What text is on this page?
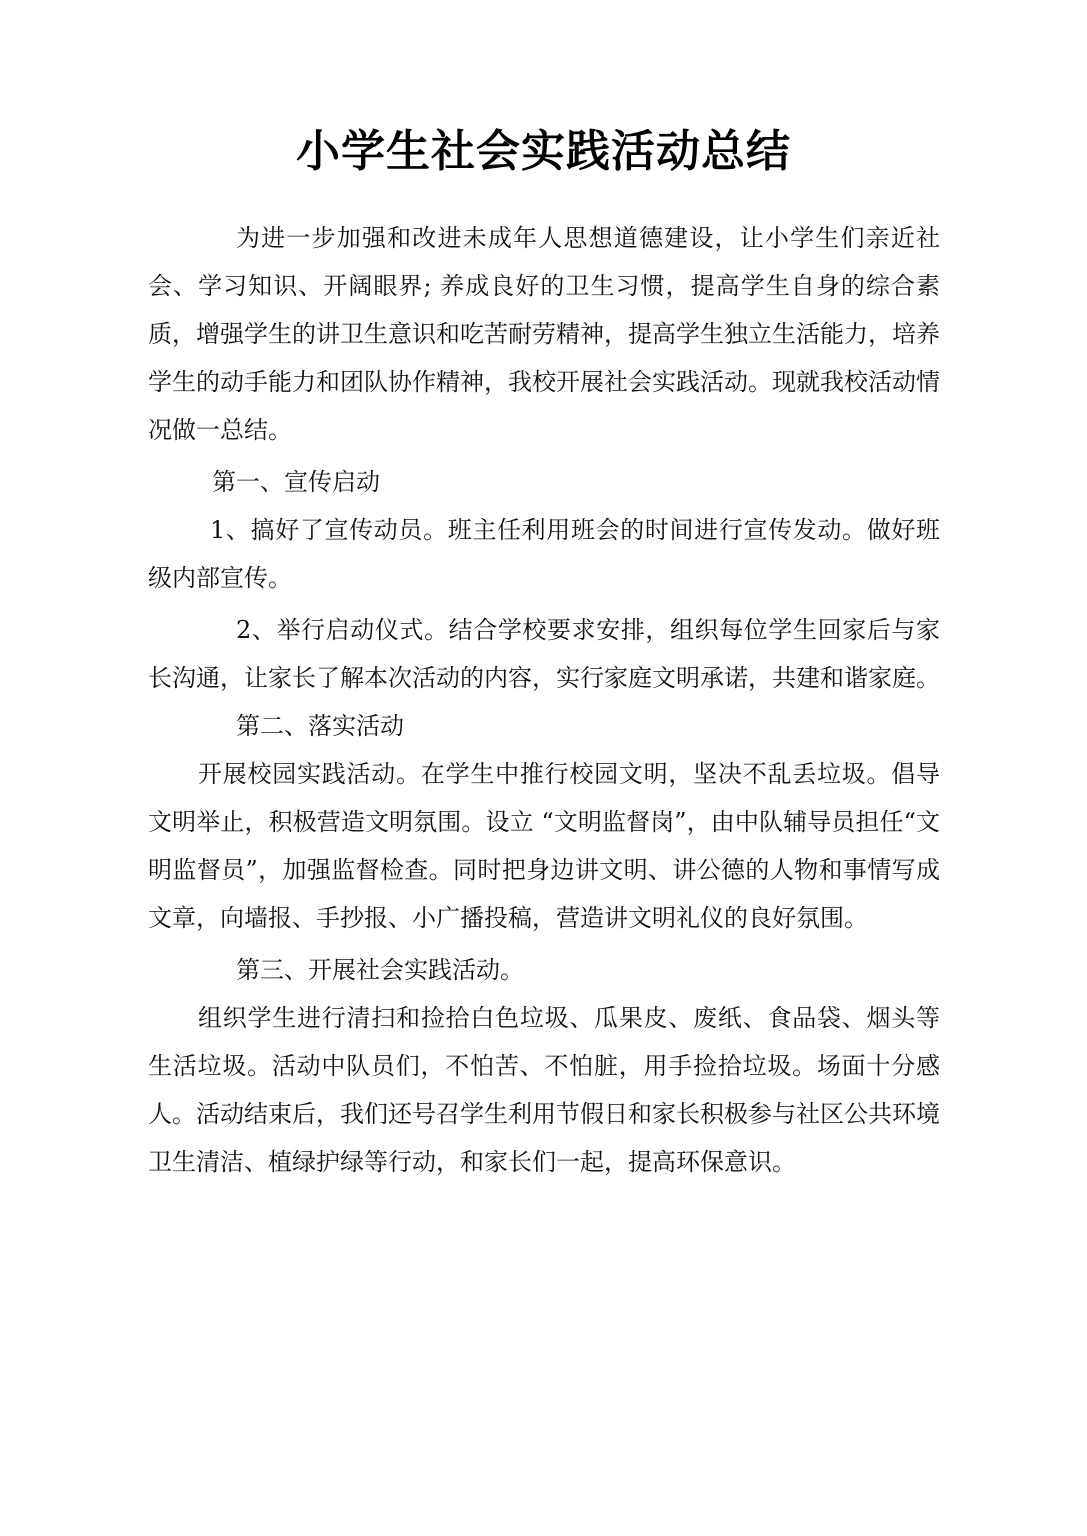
小学生社会实践活动总结

为进一步加强和改进未成年人思想道德建设，让小学生们亲近社会、学习知识、开阔眼界; 养成良好的卫生习惯，提高学生自身的综合素质，增强学生的讲卫生意识和吃苦耐劳精神，提高学生独立生活能力，培养学生的动手能力和团队协作精神，我校开展社会实践活动。现就我校活动情况做一总结。

第一、宣传启动

1、搞好了宣传动员。班主任利用班会的时间进行宣传发动。做好班级内部宣传。

2、举行启动仪式。结合学校要求安排，组织每位学生回家后与家长沟通，让家长了解本次活动的内容，实行家庭文明承诺，共建和谐家庭。

第二、落实活动

开展校园实践活动。在学生中推行校园文明，坚决不乱丢垃圾。倡导文明举止，积极营造文明氛围。设立 “文明监督岗”，由中队辅导员担任“文明监督员”，加强监督检查。同时把身边讲文明、讲公德的人物和事情写成文章，向墙报、手抄报、小广播投稿，营造讲文明礼仪的良好氛围。

第三、开展社会实践活动。

组织学生进行清扫和捡拾白色垃圾、瓜果皮、废纸、食品袋、烟头等生活垃圾。活动中队员们，不怕苦、不怕脏，用手捡拾垃圾。场面十分感人。活动结束后，我们还号召学生利用节假日和家长积极参与社区公共环境卫生清洁、植绿护绿等行动，和家长们一起，提高环保意识。
